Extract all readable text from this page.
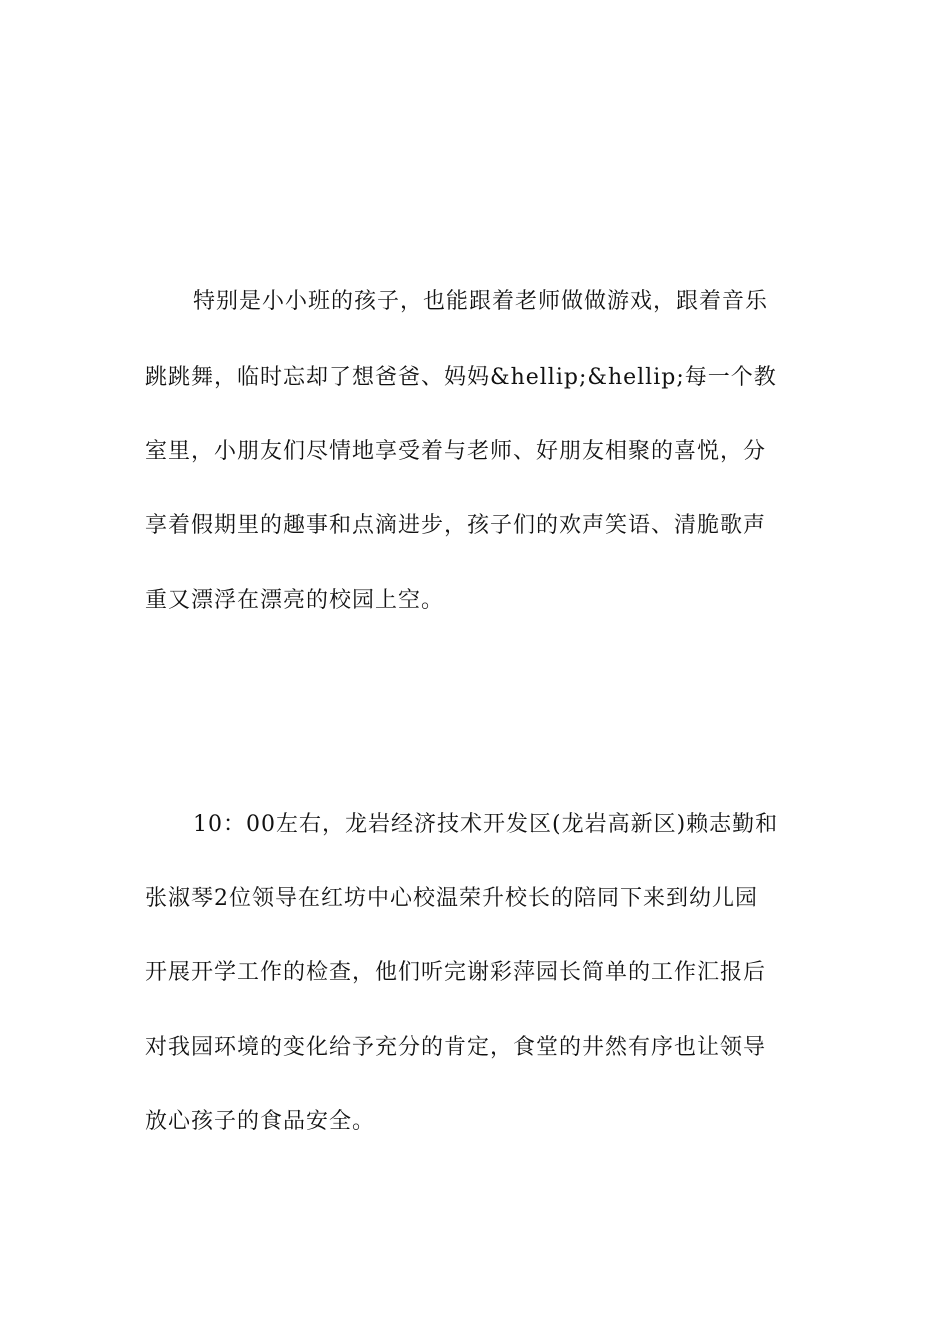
特别是小小班的孩子，也能跟着老师做做游戏，跟着音乐
跳跳舞，临时忘却了想爸爸、妈妈&hellip;&hellip;每一个教
室里，小朋友们尽情地享受着与老师、好朋友相聚的喜悦，分
享着假期里的趣事和点滴进步，孩子们的欢声笑语、清脆歌声
重又漂浮在漂亮的校园上空。
10：00左右，龙岩经济技术开发区(龙岩高新区)赖志勤和
张淑琴2位领导在红坊中心校温荣升校长的陪同下来到幼儿园
开展开学工作的检查，他们听完谢彩萍园长简单的工作汇报后
对我园环境的变化给予充分的肯定，食堂的井然有序也让领导
放心孩子的食品安全。
